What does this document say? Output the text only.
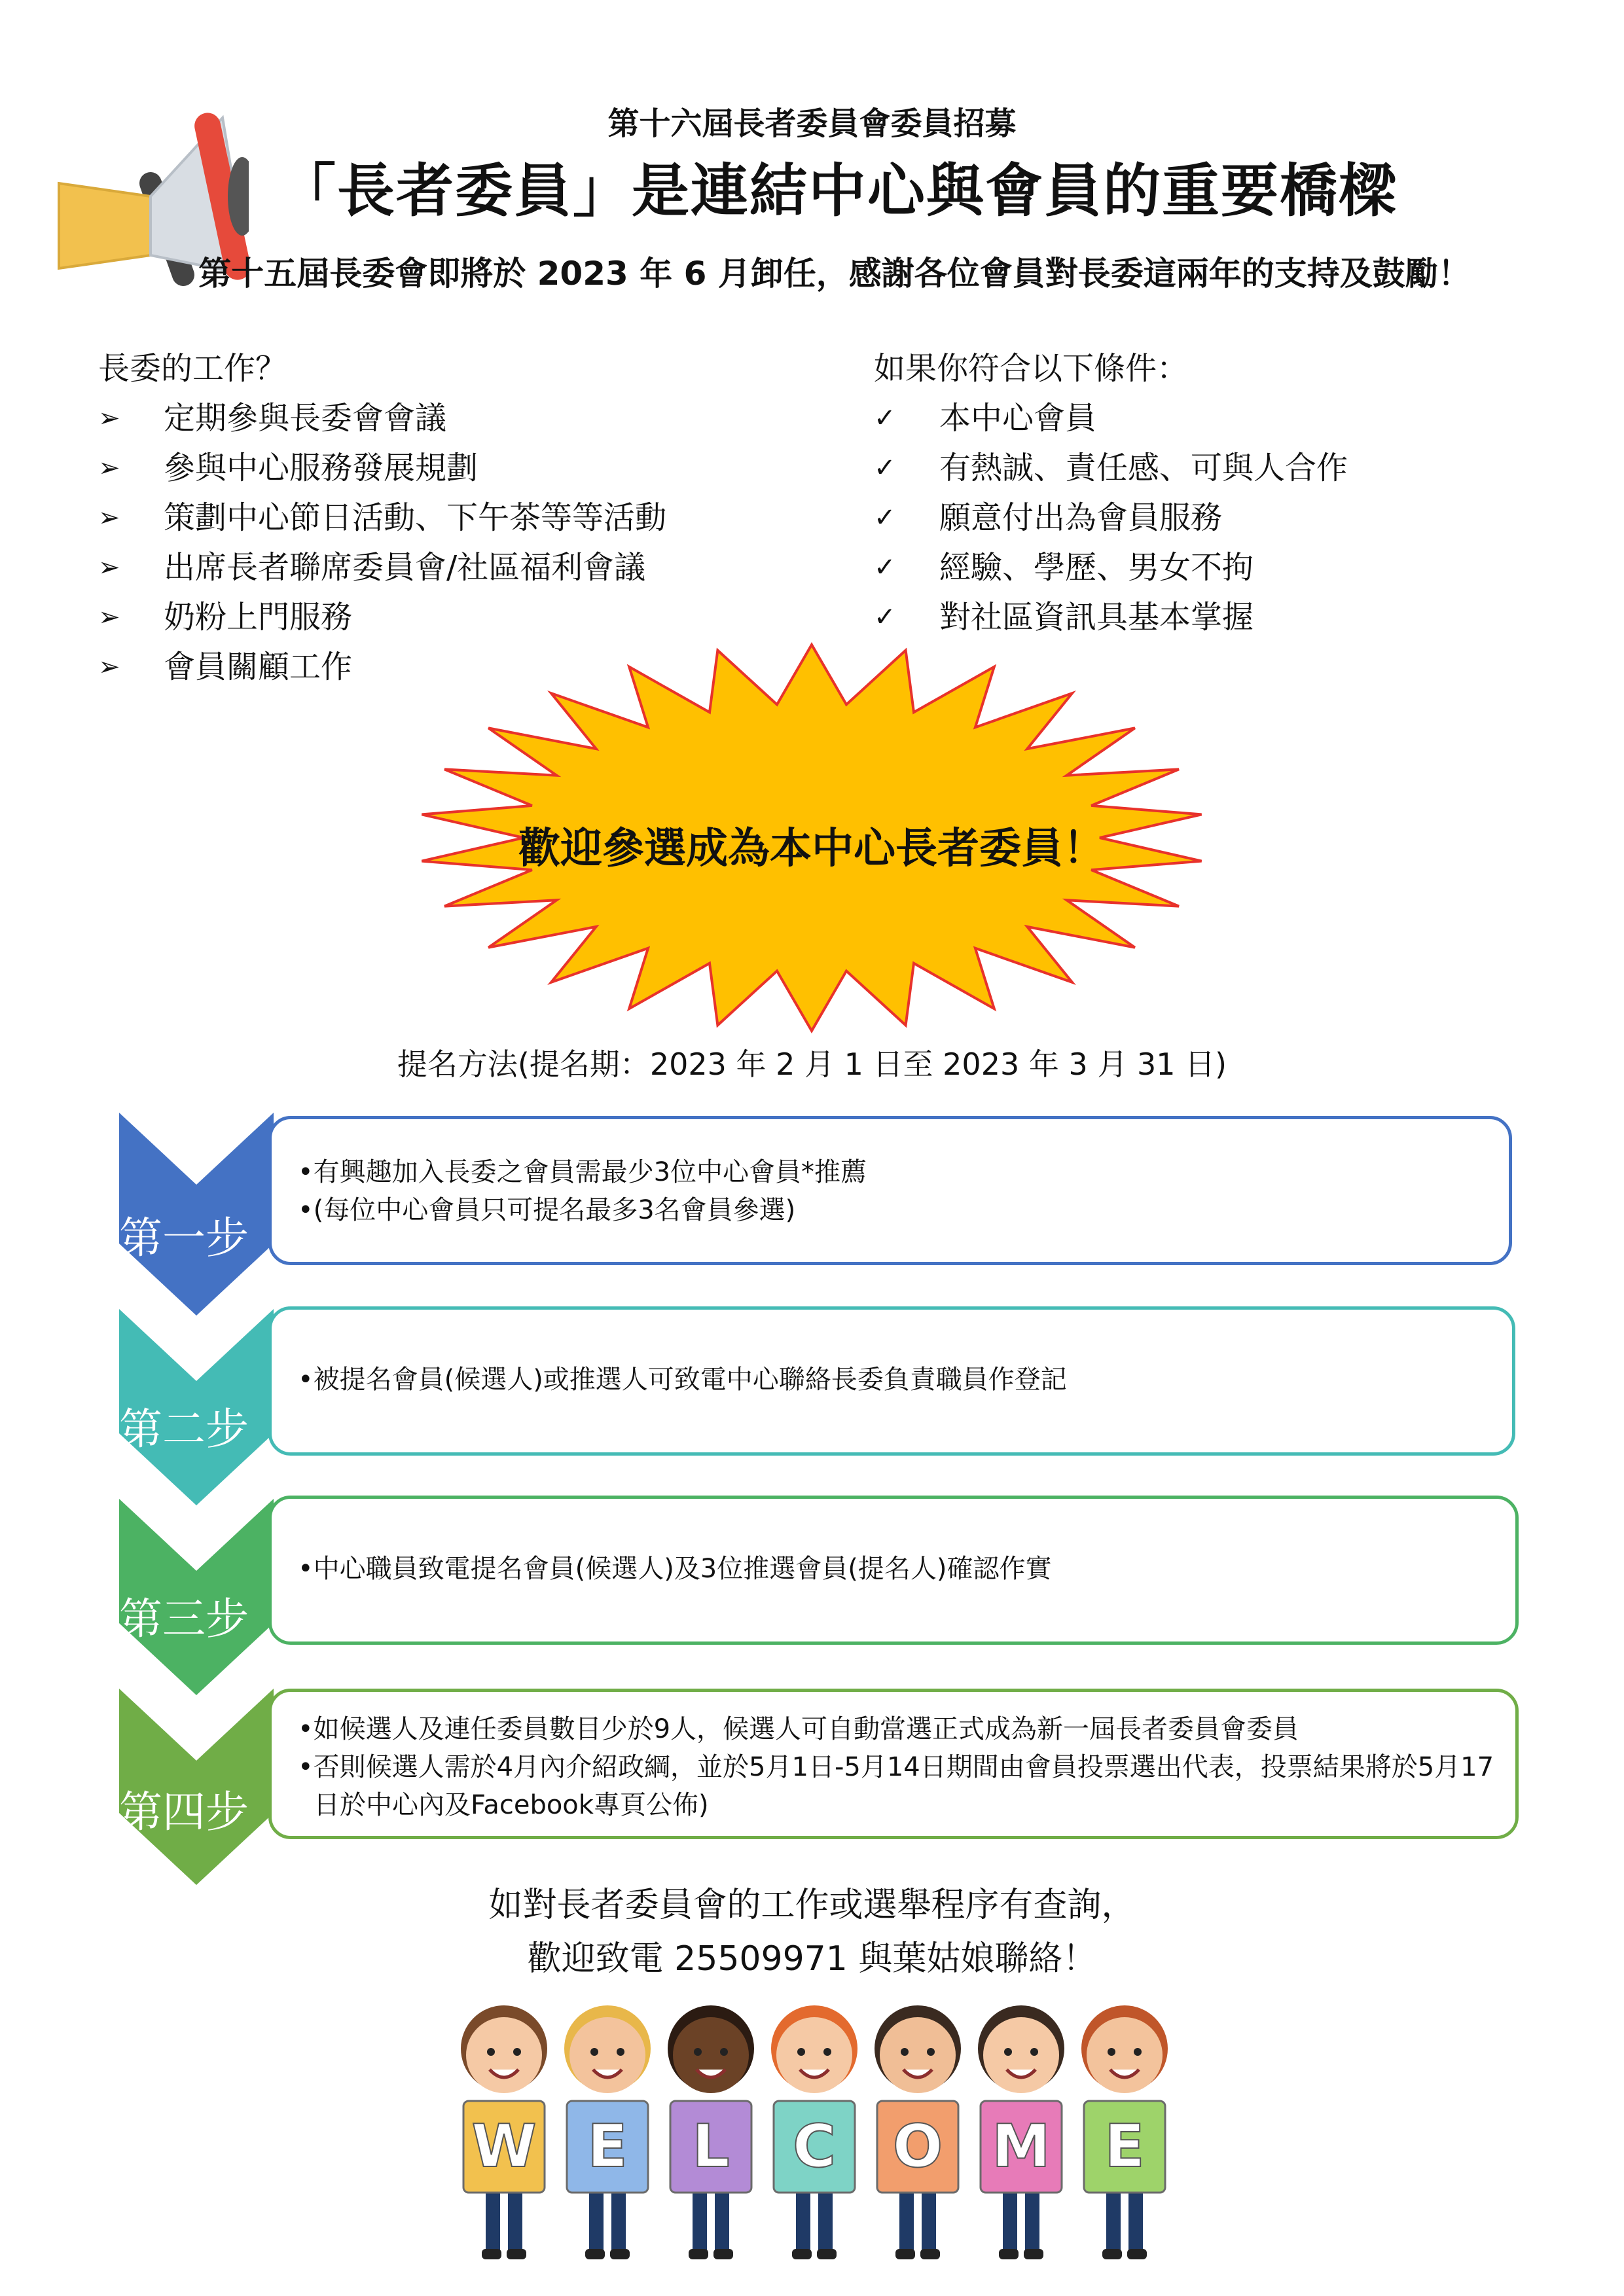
第十六屆長者委員會委員招募
「長者委員」是連結中心與會員的重要橋樑
第十五屆長委會即將於 2023 年 6 月卸任，感謝各位會員對長委這兩年的支持及鼓勵！
長委的工作？
➢	定期參與長委會會議
➢	參與中心服務發展規劃
➢	策劃中心節日活動、下午茶等等活動
➢	出席長者聯席委員會/社區福利會議
➢	奶粉上門服務
➢	會員關顧工作
如果你符合以下條件：
✓	本中心會員
✓	有熱誠、責任感、可與人合作
✓	願意付出為會員服務
✓	經驗、學歷、男女不拘
✓	對社區資訊具基本掌握
歡迎參選成為本中心長者委員！
提名方法(提名期：2023 年 2 月 1 日至 2023 年 3 月 31 日)
第一步
第二步
第三步
第四步
•有興趣加入長委之會員需最少3位中心會員*推薦
•(每位中心會員只可提名最多3名會員參選)
•被提名會員(候選人)或推選人可致電中心聯絡長委負責職員作登記
•中心職員致電提名會員(候選人)及3位推選會員(提名人)確認作實
•如候選人及連任委員數目少於9人，候選人可自動當選正式成為新一屆長者委員會委員
•否則候選人需於4月內介紹政綱，並於5月1日-5月14日期間由會員投票選出代表，投票結果將於5月17日於中心內及Facebook專頁公佈)
如對長者委員會的工作或選舉程序有查詢，
歡迎致電 25509971 與葉姑娘聯絡！
W E L C O M E
